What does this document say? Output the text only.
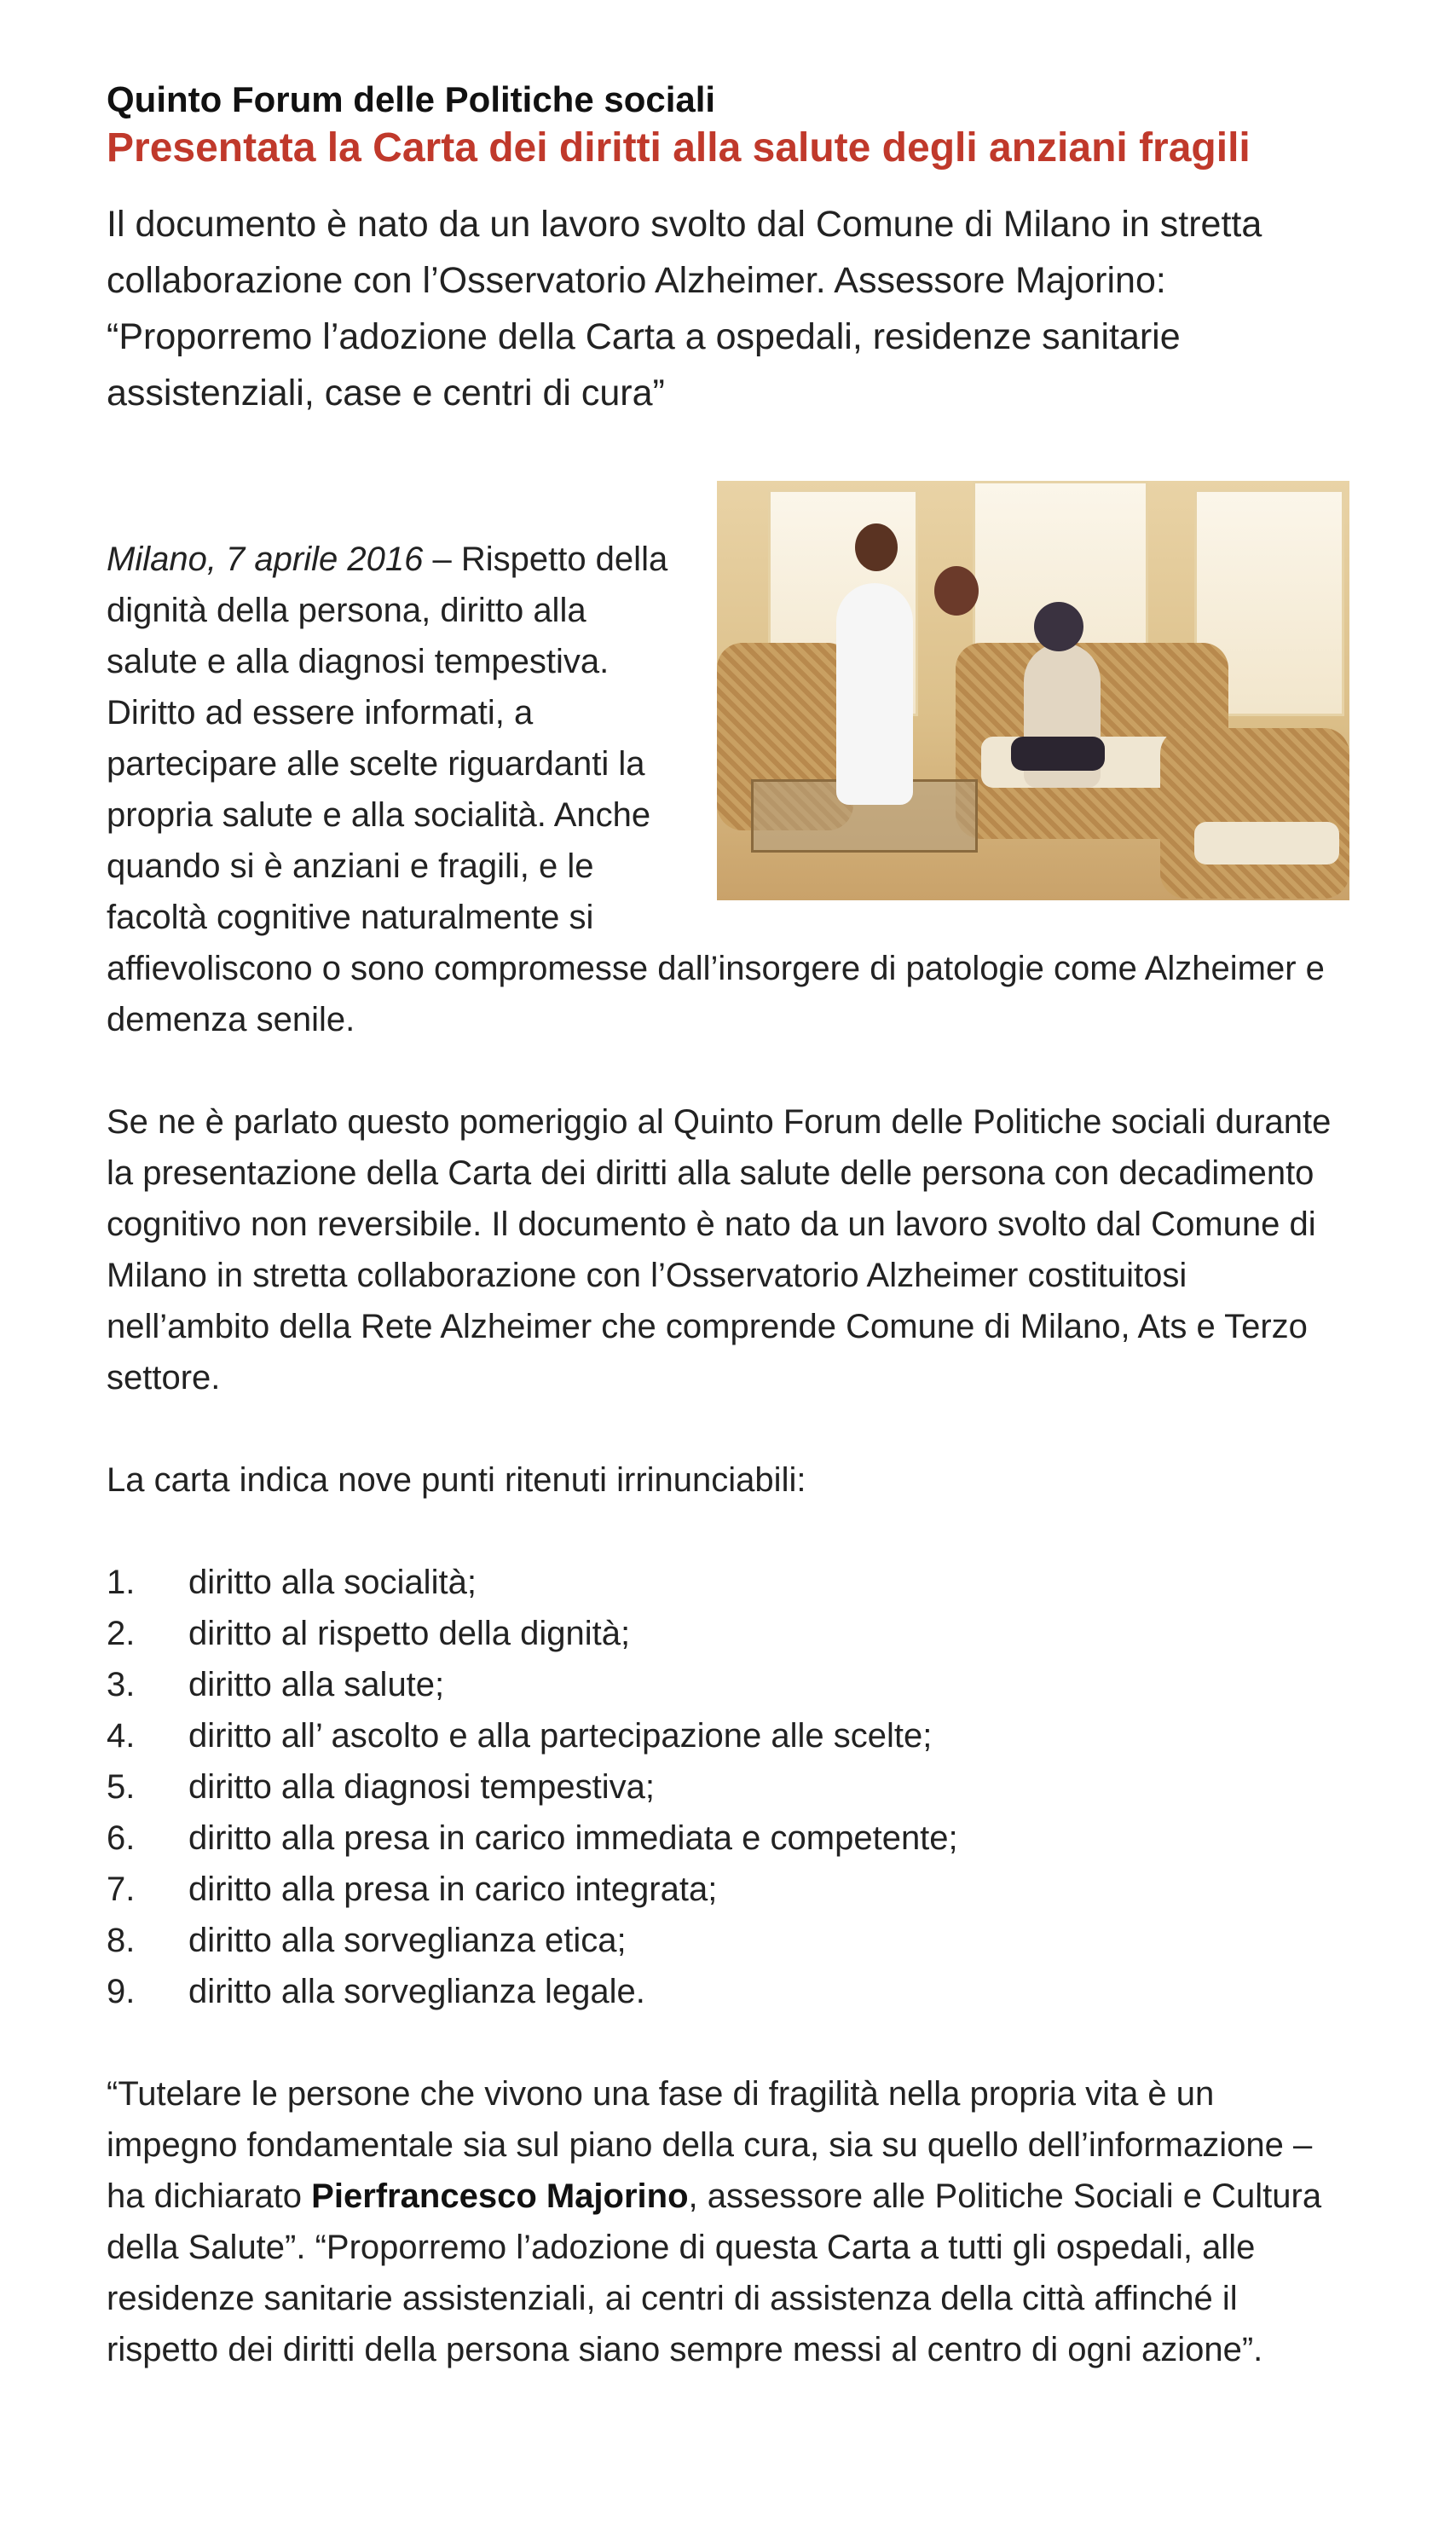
Quinto Forum delle Politiche sociali
Presentata la Carta dei diritti alla salute degli anziani fragili

Il documento è nato da un lavoro svolto dal Comune di Milano in stretta collaborazione con l’Osservatorio Alzheimer. Assessore Majorino: “Proporremo l’adozione della Carta a ospedali, residenze sanitarie assistenziali, case e centri di cura”

Milano, 7 aprile 2016 – Rispetto della dignità della persona, diritto alla salute e alla diagnosi tempestiva. Diritto ad essere informati, a partecipare alle scelte riguardanti la propria salute e alla socialità. Anche quando si è anziani e fragili, e le facoltà cognitive naturalmente si affievoliscono o sono compromesse dall’insorgere di patologie come Alzheimer e demenza senile.

Se ne è parlato questo pomeriggio al Quinto Forum delle Politiche sociali durante la presentazione della Carta dei diritti alla salute delle persona con decadimento cognitivo non reversibile. Il documento è nato da un lavoro svolto dal Comune di Milano in stretta collaborazione con l’Osservatorio Alzheimer costituitosi nell’ambito della Rete Alzheimer che comprende Comune di Milano, Ats e Terzo settore.

La carta indica nove punti ritenuti irrinunciabili:

1.	diritto alla socialità;
2.	diritto al rispetto della dignità;
3.	diritto alla salute;
4.	diritto all’ ascolto e alla partecipazione alle scelte;
5.	diritto alla diagnosi tempestiva;
6.	diritto alla presa in carico immediata e competente;
7.	diritto alla presa in carico integrata;
8.	diritto alla sorveglianza etica;
9.	diritto alla sorveglianza legale.

“Tutelare le persone che vivono una fase di fragilità nella propria vita è un impegno fondamentale sia sul piano della cura, sia su quello dell’informazione – ha dichiarato Pierfrancesco Majorino, assessore alle Politiche Sociali e Cultura della Salute”. “Proporremo l’adozione di questa Carta a tutti gli ospedali, alle residenze sanitarie assistenziali, ai centri di assistenza della città affinché il rispetto dei diritti della persona siano sempre messi al centro di ogni azione”.
